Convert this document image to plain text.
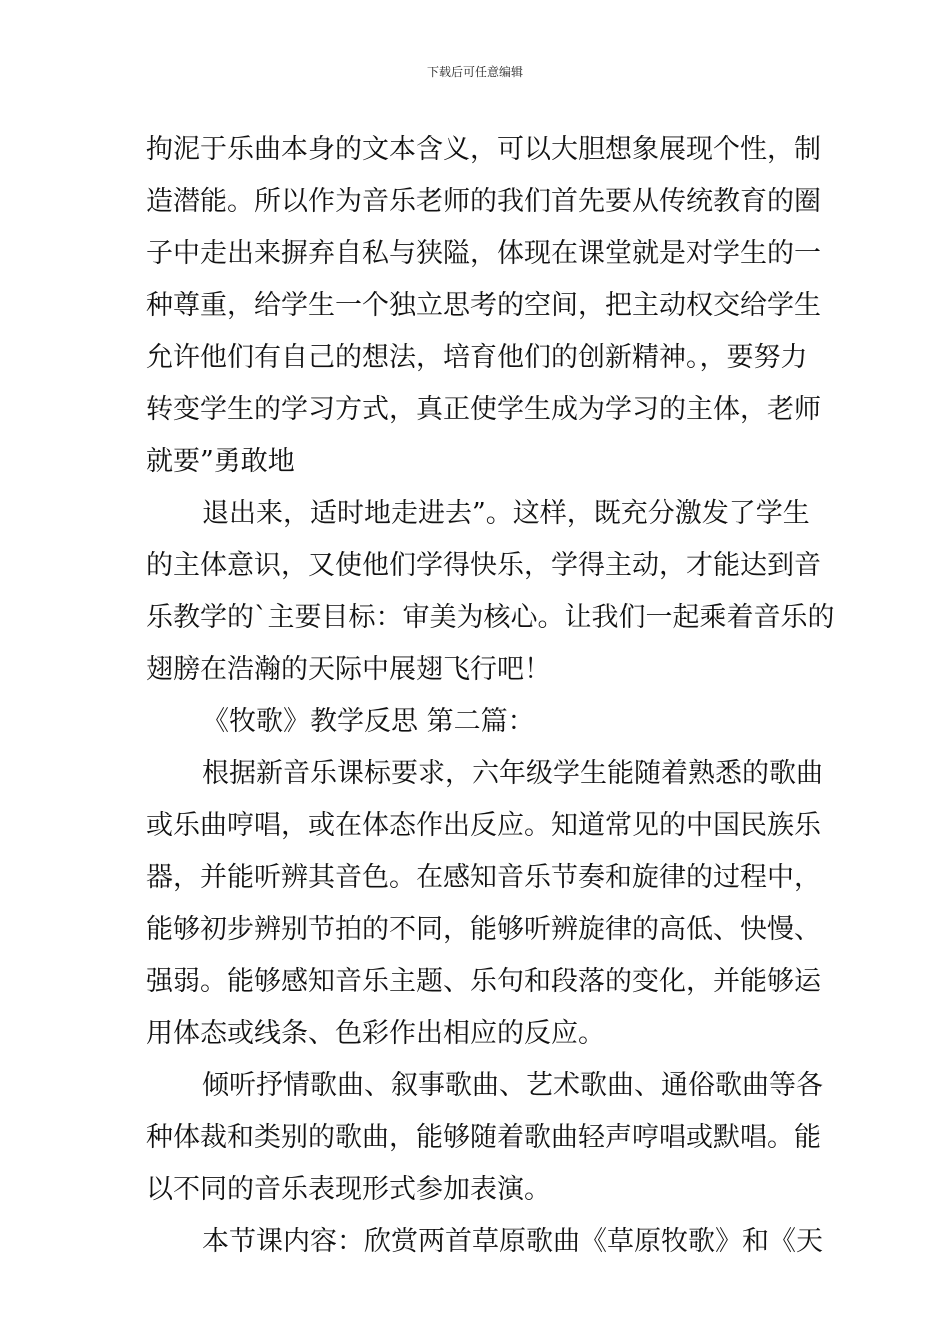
下载后可任意编辑
拘泥于乐曲本身的文本含义，可以大胆想象展现个性，制
造潜能。所以作为音乐老师的我们首先要从传统教育的圈
子中走出来摒弃自私与狭隘，体现在课堂就是对学生的一
种尊重，给学生一个独立思考的空间，把主动权交给学生
允许他们有自己的想法，培育他们的创新精神。，要努力
转变学生的学习方式，真正使学生成为学习的主体，老师
就要”勇敢地
退出来，适时地走进去”。这样，既充分激发了学生
的主体意识，又使他们学得快乐，学得主动，才能达到音
乐教学的`主要目标：审美为核心。让我们一起乘着音乐的
翅膀在浩瀚的天际中展翅飞行吧！
《牧歌》教学反思 第二篇：
根据新音乐课标要求，六年级学生能随着熟悉的歌曲
或乐曲哼唱，或在体态作出反应。知道常见的中国民族乐
器，并能听辨其音色。在感知音乐节奏和旋律的过程中，
能够初步辨别节拍的不同，能够听辨旋律的高低、快慢、
强弱。能够感知音乐主题、乐句和段落的变化，并能够运
用体态或线条、色彩作出相应的反应。
倾听抒情歌曲、叙事歌曲、艺术歌曲、通俗歌曲等各
种体裁和类别的歌曲，能够随着歌曲轻声哼唱或默唱。能
以不同的音乐表现形式参加表演。
本节课内容：欣赏两首草原歌曲《草原牧歌》和《天
